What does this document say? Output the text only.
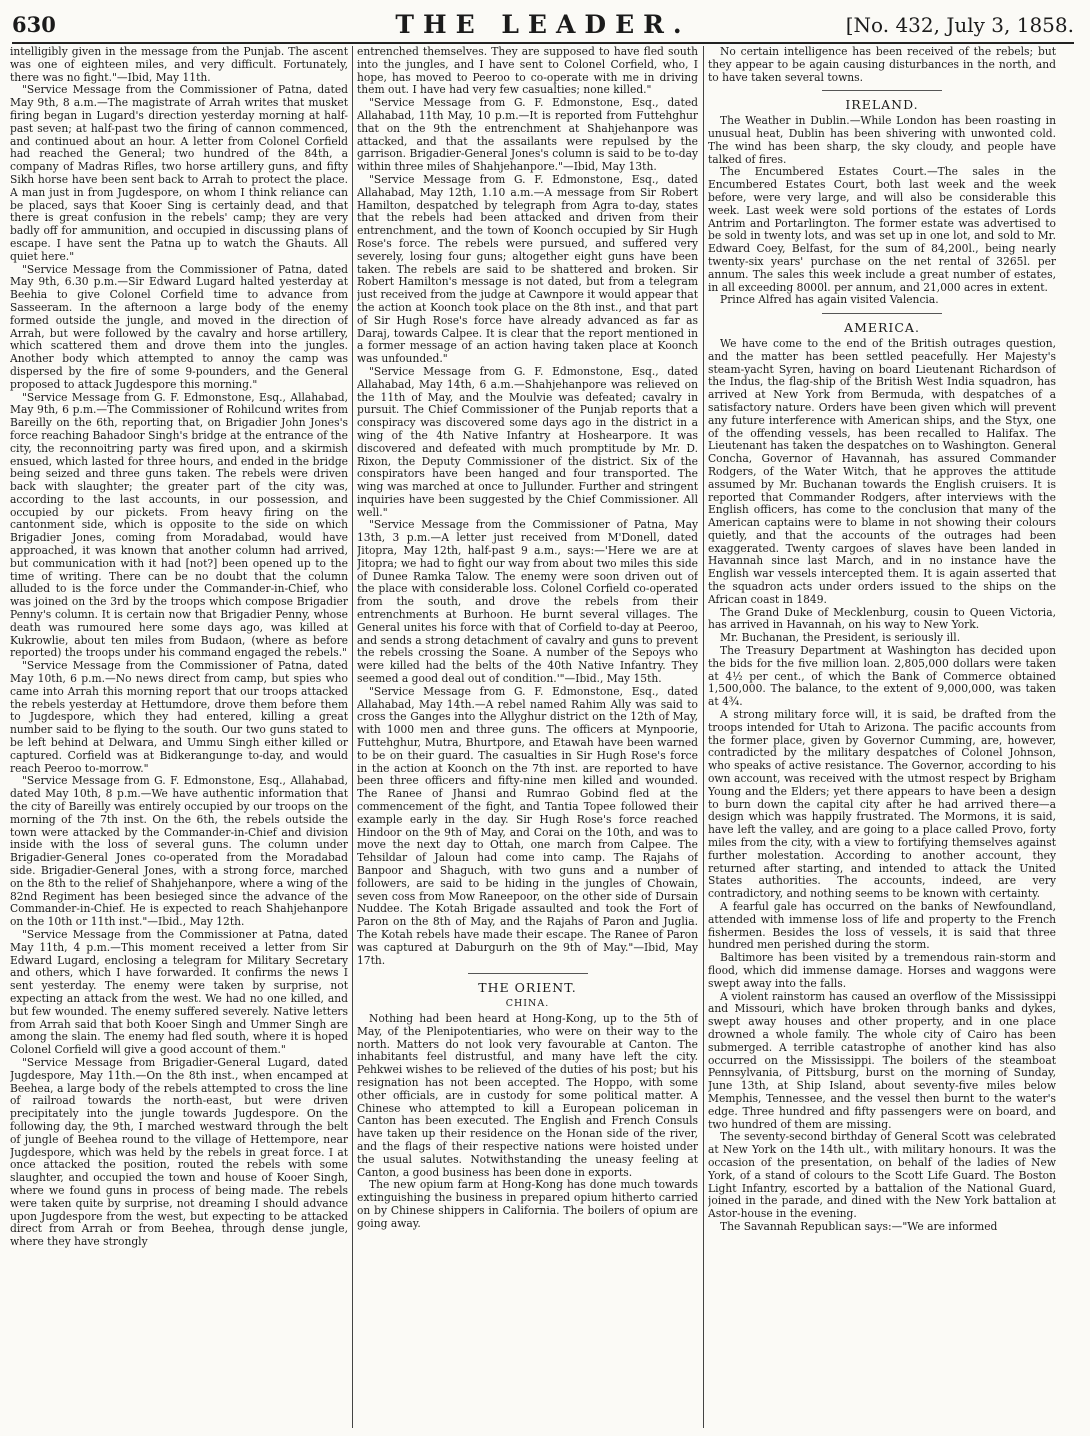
630	THE LEADER.	[No. 432, July 3, 1858.

intelligibly given in the message from the Punjab. The ascent was one of eighteen miles, and very difficult. Fortunately, there was no fight."—Ibid, May 11th.

"Service Message from the Commissioner of Patna, dated May 9th, 8 a.m.—The magistrate of Arrah writes that musket firing began in Lugard's direction yesterday morning at half-past seven; at half-past two the firing of cannon commenced, and continued about an hour. A letter from Colonel Corfield had reached the General; two hundred of the 84th, a company of Madras Rifles, two horse artillery guns, and fifty Sikh horse have been sent back to Arrah to protect the place. A man just in from Jugdespore, on whom I think reliance can be placed, says that Kooer Sing is certainly dead, and that there is great confusion in the rebels' camp; they are very badly off for ammunition, and occupied in discussing plans of escape. I have sent the Patna up to watch the Ghauts. All quiet here."

"Service Message from the Commissioner of Patna, dated May 9th, 6.30 p.m.—Sir Edward Lugard halted yesterday at Beehia to give Colonel Corfield time to advance from Sasseeram. In the afternoon a large body of the enemy formed outside the jungle, and moved in the direction of Arrah, but were followed by the cavalry and horse artillery, which scattered them and drove them into the jungles. Another body which attempted to annoy the camp was dispersed by the fire of some 9-pounders, and the General proposed to attack Jugdespore this morning."

"Service Message from G. F. Edmonstone, Esq., Allahabad, May 9th, 6 p.m.—The Commissioner of Rohilcund writes from Bareilly on the 6th, reporting that, on Brigadier John Jones's force reaching Bahadoor Singh's bridge at the entrance of the city, the reconnoitring party was fired upon, and a skirmish ensued, which lasted for three hours, and ended in the bridge being seized and three guns taken. The rebels were driven back with slaughter; the greater part of the city was, according to the last accounts, in our possession, and occupied by our pickets. From heavy firing on the cantonment side, which is opposite to the side on which Brigadier Jones, coming from Moradabad, would have approached, it was known that another column had arrived, but communication with it had [not?] been opened up to the time of writing. There can be no doubt that the column alluded to is the force under the Commander-in-Chief, who was joined on the 3rd by the troops which compose Brigadier Penny's column. It is certain now that Brigadier Penny, whose death was rumoured here some days ago, was killed at Kukrowlie, about ten miles from Budaon, (where as before reported) the troops under his command engaged the rebels."

"Service Message from the Commissioner of Patna, dated May 10th, 6 p.m.—No news direct from camp, but spies who came into Arrah this morning report that our troops attacked the rebels yesterday at Hettumdore, drove them before them to Jugdespore, which they had entered, killing a great number said to be flying to the south. Our two guns stated to be left behind at Delwara, and Ummu Singh either killed or captured. Corfield was at Bidkerangunge to-day, and would reach Peeroo to-morrow."

"Service Message from G. F. Edmonstone, Esq., Allahabad, dated May 10th, 8 p.m.—We have authentic information that the city of Bareilly was entirely occupied by our troops on the morning of the 7th inst. On the 6th, the rebels outside the town were attacked by the Commander-in-Chief and division inside with the loss of several guns. The column under Brigadier-General Jones co-operated from the Moradabad side. Brigadier-General Jones, with a strong force, marched on the 8th to the relief of Shahjehanpore, where a wing of the 82nd Regiment has been besieged since the advance of the Commander-in-Chief. He is expected to reach Shahjehanpore on the 10th or 11th inst."—Ibid., May 12th.

"Service Message from the Commissioner at Patna, dated May 11th, 4 p.m.—This moment received a letter from Sir Edward Lugard, enclosing a telegram for Military Secretary and others, which I have forwarded. It confirms the news I sent yesterday. The enemy were taken by surprise, not expecting an attack from the west. We had no one killed, and but few wounded. The enemy suffered severely. Native letters from Arrah said that both Kooer Singh and Ummer Singh are among the slain. The enemy had fled south, where it is hoped Colonel Corfield will give a good account of them."

"Service Message from Brigadier-General Lugard, dated Jugdespore, May 11th.—On the 8th inst., when encamped at Beehea, a large body of the rebels attempted to cross the line of railroad towards the north-east, but were driven precipitately into the jungle towards Jugdespore. On the following day, the 9th, I marched westward through the belt of jungle of Beehea round to the village of Hettempore, near Jugdespore, which was held by the rebels in great force. I at once attacked the position, routed the rebels with some slaughter, and occupied the town and house of Kooer Singh, where we found guns in process of being made. The rebels were taken quite by surprise, not dreaming I should advance upon Jugdespore from the west, but expecting to be attacked direct from Arrah or from Beehea, through dense jungle, where they have strongly

entrenched themselves. They are supposed to have fled south into the jungles, and I have sent to Colonel Corfield, who, I hope, has moved to Peeroo to co-operate with me in driving them out. I have had very few casualties; none killed."

"Service Message from G. F. Edmonstone, Esq., dated Allahabad, 11th May, 10 p.m.—It is reported from Futtehghur that on the 9th the entrenchment at Shahjehanpore was attacked, and that the assailants were repulsed by the garrison. Brigadier-General Jones's column is said to be to-day within three miles of Shahjehanpore."—Ibid, May 13th.

"Service Message from G. F. Edmonstone, Esq., dated Allahabad, May 12th, 1.10 a.m.—A message from Sir Robert Hamilton, despatched by telegraph from Agra to-day, states that the rebels had been attacked and driven from their entrenchment, and the town of Koonch occupied by Sir Hugh Rose's force. The rebels were pursued, and suffered very severely, losing four guns; altogether eight guns have been taken. The rebels are said to be shattered and broken. Sir Robert Hamilton's message is not dated, but from a telegram just received from the judge at Cawnpore it would appear that the action at Koonch took place on the 8th inst., and that part of Sir Hugh Rose's force have already advanced as far as Daraj, towards Calpee. It is clear that the report mentioned in a former message of an action having taken place at Koonch was unfounded."

"Service Message from G. F. Edmonstone, Esq., dated Allahabad, May 14th, 6 a.m.—Shahjehanpore was relieved on the 11th of May, and the Moulvie was defeated; cavalry in pursuit. The Chief Commissioner of the Punjab reports that a conspiracy was discovered some days ago in the district in a wing of the 4th Native Infantry at Hoshearpore. It was discovered and defeated with much promptitude by Mr. D. Rixon, the Deputy Commissioner of the district. Six of the conspirators have been hanged and four transported. The wing was marched at once to Jullunder. Further and stringent inquiries have been suggested by the Chief Commissioner. All well."

"Service Message from the Commissioner of Patna, May 13th, 3 p.m.—A letter just received from M'Donell, dated Jitopra, May 12th, half-past 9 a.m., says:—'Here we are at Jitopra; we had to fight our way from about two miles this side of Dunee Ramka Talow. The enemy were soon driven out of the place with considerable loss. Colonel Corfield co-operated from the south, and drove the rebels from their entrenchments at Burhoon. He burnt several villages. The General unites his force with that of Corfield to-day at Peeroo, and sends a strong detachment of cavalry and guns to prevent the rebels crossing the Soane. A number of the Sepoys who were killed had the belts of the 40th Native Infantry. They seemed a good deal out of condition.'"—Ibid., May 15th.

"Service Message from G. F. Edmonstone, Esq., dated Allahabad, May 14th.—A rebel named Rahim Ally was said to cross the Ganges into the Allyghur district on the 12th of May, with 1000 men and three guns. The officers at Mynpoorie, Futtehghur, Mutra, Bhurtpore, and Etawah have been warned to be on their guard. The casualties in Sir Hugh Rose's force in the action at Koonch on the 7th inst. are reported to have been three officers and fifty-nine men killed and wounded. The Ranee of Jhansi and Rumrao Gobind fled at the commencement of the fight, and Tantia Topee followed their example early in the day. Sir Hugh Rose's force reached Hindoor on the 9th of May, and Corai on the 10th, and was to move the next day to Ottah, one march from Calpee. The Tehsildar of Jaloun had come into camp. The Rajahs of Banpoor and Shaguch, with two guns and a number of followers, are said to be hiding in the jungles of Chowain, seven coss from Mow Raneepoor, on the other side of Dursain Nuddee. The Kotah Brigade assaulted and took the Fort of Paron on the 8th of May, and the Rajahs of Paron and Juglia. The Kotah rebels have made their escape. The Ranee of Paron was captured at Daburgurh on the 9th of May."—Ibid, May 17th.

THE ORIENT.
CHINA.

Nothing had been heard at Hong-Kong, up to the 5th of May, of the Plenipotentiaries, who were on their way to the north. Matters do not look very favourable at Canton. The inhabitants feel distrustful, and many have left the city. Pehkwei wishes to be relieved of the duties of his post; but his resignation has not been accepted. The Hoppo, with some other officials, are in custody for some political matter. A Chinese who attempted to kill a European policeman in Canton has been executed. The English and French Consuls have taken up their residence on the Honan side of the river, and the flags of their respective nations were hoisted under the usual salutes. Notwithstanding the uneasy feeling at Canton, a good business has been done in exports.

The new opium farm at Hong-Kong has done much towards extinguishing the business in prepared opium hitherto carried on by Chinese shippers in California. The boilers of opium are going away.

No certain intelligence has been received of the rebels; but they appear to be again causing disturbances in the north, and to have taken several towns.

IRELAND.

The Weather in Dublin.—While London has been roasting in unusual heat, Dublin has been shivering with unwonted cold. The wind has been sharp, the sky cloudy, and people have talked of fires.

The Encumbered Estates Court.—The sales in the Encumbered Estates Court, both last week and the week before, were very large, and will also be considerable this week. Last week were sold portions of the estates of Lords Antrim and Portarlington. The former estate was advertised to be sold in twenty lots, and was set up in one lot, and sold to Mr. Edward Coey, Belfast, for the sum of 84,200l., being nearly twenty-six years' purchase on the net rental of 3265l. per annum. The sales this week include a great number of estates, in all exceeding 8000l. per annum, and 21,000 acres in extent.

Prince Alfred has again visited Valencia.

AMERICA.

We have come to the end of the British outrages question, and the matter has been settled peacefully. Her Majesty's steam-yacht Syren, having on board Lieutenant Richardson of the Indus, the flag-ship of the British West India squadron, has arrived at New York from Bermuda, with despatches of a satisfactory nature. Orders have been given which will prevent any future interference with American ships, and the Styx, one of the offending vessels, has been recalled to Halifax. The Lieutenant has taken the despatches on to Washington. General Concha, Governor of Havannah, has assured Commander Rodgers, of the Water Witch, that he approves the attitude assumed by Mr. Buchanan towards the English cruisers. It is reported that Commander Rodgers, after interviews with the English officers, has come to the conclusion that many of the American captains were to blame in not showing their colours quietly, and that the accounts of the outrages had been exaggerated. Twenty cargoes of slaves have been landed in Havannah since last March, and in no instance have the English war vessels intercepted them. It is again asserted that the squadron acts under orders issued to the ships on the African coast in 1849.

The Grand Duke of Mecklenburg, cousin to Queen Victoria, has arrived in Havannah, on his way to New York.

Mr. Buchanan, the President, is seriously ill.

The Treasury Department at Washington has decided upon the bids for the five million loan. 2,805,000 dollars were taken at 4½ per cent., of which the Bank of Commerce obtained 1,500,000. The balance, to the extent of 9,000,000, was taken at 4¾.

A strong military force will, it is said, be drafted from the troops intended for Utah to Arizona. The pacific accounts from the former place, given by Governor Cumming, are, however, contradicted by the military despatches of Colonel Johnson, who speaks of active resistance. The Governor, according to his own account, was received with the utmost respect by Brigham Young and the Elders; yet there appears to have been a design to burn down the capital city after he had arrived there—a design which was happily frustrated. The Mormons, it is said, have left the valley, and are going to a place called Provo, forty miles from the city, with a view to fortifying themselves against further molestation. According to another account, they returned after starting, and intended to attack the United States authorities. The accounts, indeed, are very contradictory, and nothing seems to be known with certainty.

A fearful gale has occurred on the banks of Newfoundland, attended with immense loss of life and property to the French fishermen. Besides the loss of vessels, it is said that three hundred men perished during the storm.

Baltimore has been visited by a tremendous rain-storm and flood, which did immense damage. Horses and waggons were swept away into the falls.

A violent rainstorm has caused an overflow of the Mississippi and Missouri, which have broken through banks and dykes, swept away houses and other property, and in one place drowned a whole family. The whole city of Cairo has been submerged. A terrible catastrophe of another kind has also occurred on the Mississippi. The boilers of the steamboat Pennsylvania, of Pittsburg, burst on the morning of Sunday, June 13th, at Ship Island, about seventy-five miles below Memphis, Tennessee, and the vessel then burnt to the water's edge. Three hundred and fifty passengers were on board, and two hundred of them are missing.

The seventy-second birthday of General Scott was celebrated at New York on the 14th ult., with military honours. It was the occasion of the presentation, on behalf of the ladies of New York, of a stand of colours to the Scott Life Guard. The Boston Light Infantry, escorted by a battalion of the National Guard, joined in the parade, and dined with the New York battalion at Astor-house in the evening.

The Savannah Republican says:—"We are informed
